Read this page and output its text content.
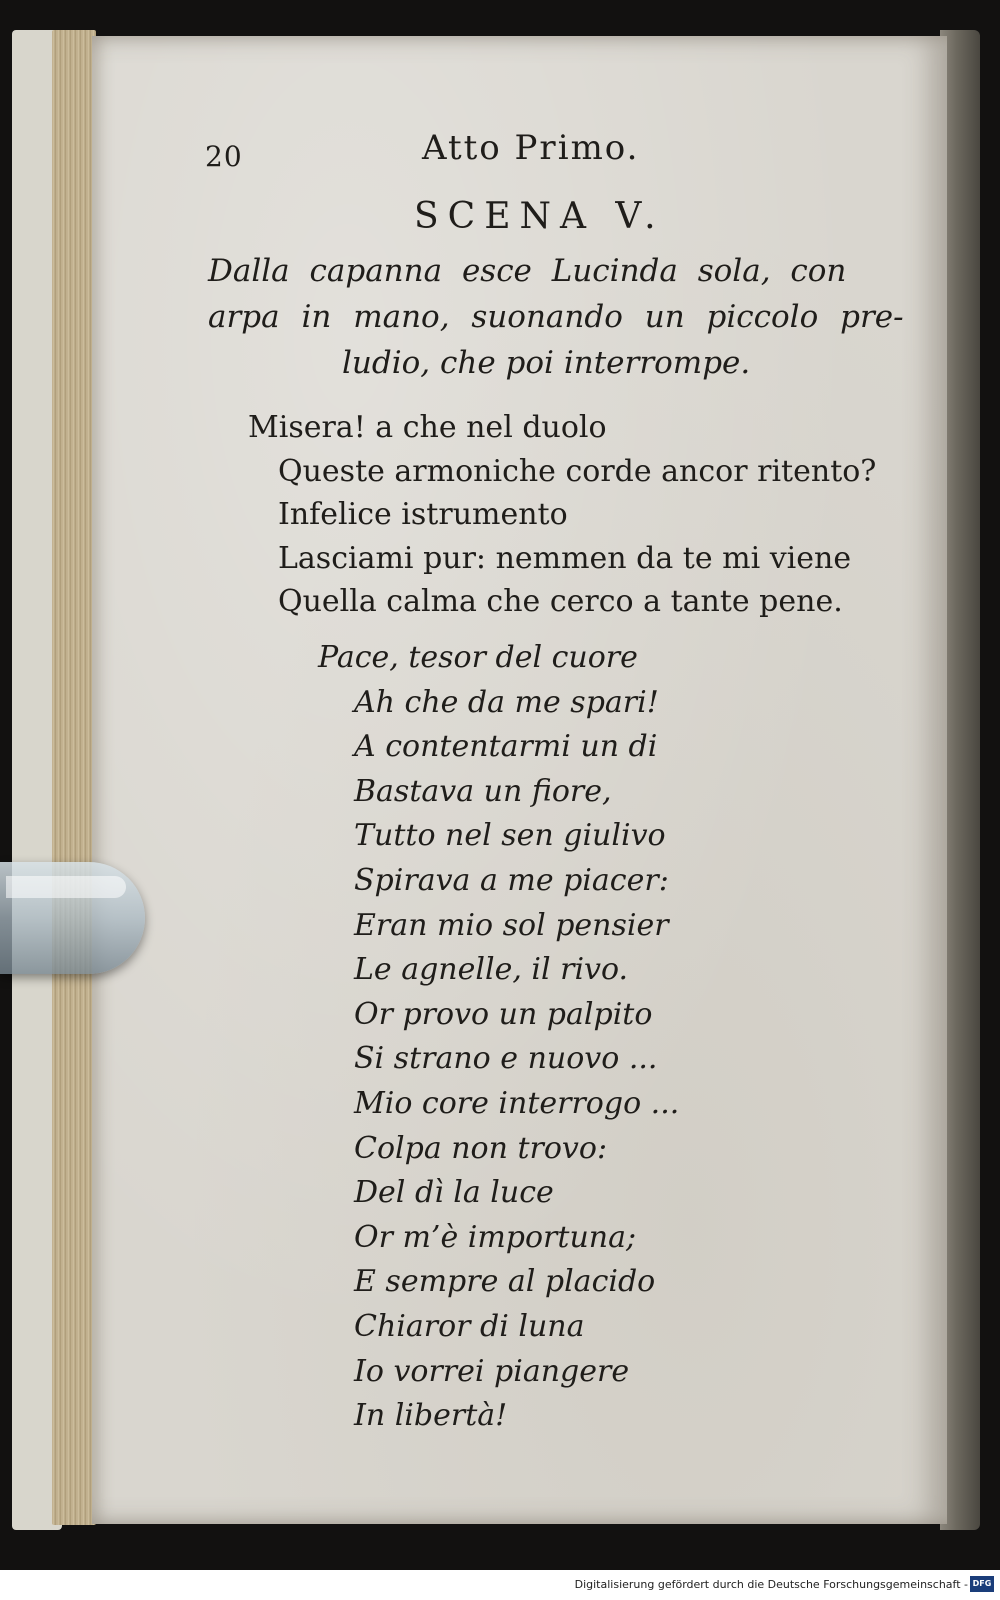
20	Atto Primo.
SCENA V.
Dalla capanna esce Lucinda sola, con
arpa in mano, suonando un piccolo pre-
ludio, che poi interrompe.
Misera! a che nel duolo
Queste armoniche corde ancor ritento?
Infelice istrumento
Lasciami pur: nemmen da te mi viene
Quella calma che cerco a tante pene.
Pace, tesor del cuore
Ah che da me spari!
A contentarmi un di
Bastava un fiore,
Tutto nel sen giulivo
Spirava a me piacer:
Eran mio sol pensier
Le agnelle, il rivo.
Or provo un palpito
Si strano e nuovo ...
Mio core interrogo ...
Colpa non trovo:
Del dì la luce
Or m’è importuna;
E sempre al placido
Chiaror di luna
Io vorrei piangere
In libertà!
Digitalisierung gefördert durch die Deutsche Forschungsgemeinschaft - DFG
